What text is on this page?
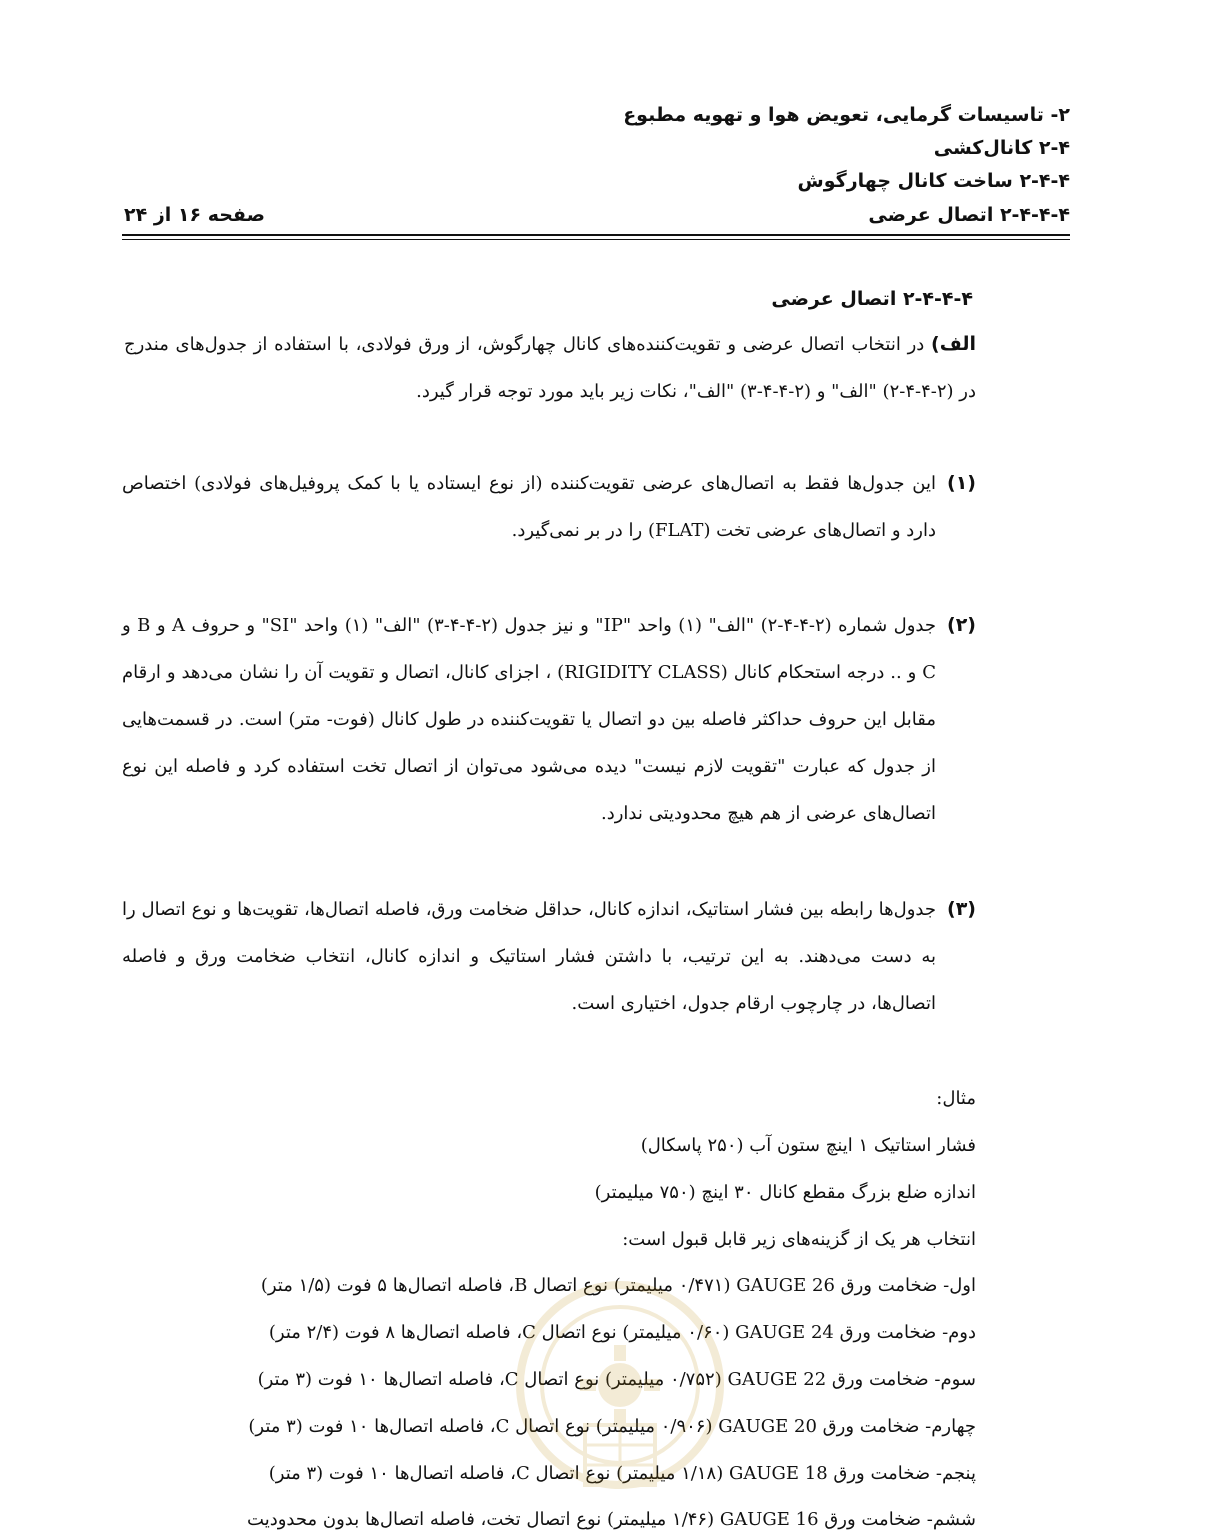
۲- تاسیسات گرمایی، تعویض هوا و تهویه مطبوع
۲-۴ کانال‌کشی
۲-۴-۴ ساخت کانال چهارگوش
۲-۴-۴-۴ اتصال عرضی
صفحه ۱۶ از ۲۴
۲-۴-۴-۴ اتصال عرضی
الف) در انتخاب اتصال عرضی و تقویت‌کننده‌های کانال چهارگوش، از ورق فولادی، با استفاده از جدول‌های مندرج در (۲-۴-۴-۲) "الف" و (۲-۴-۴-۳) "الف"، نکات زیر باید مورد توجه قرار گیرد.
(۱)
این جدول‌ها فقط به اتصال‌های عرضی تقویت‌کننده (از نوع ایستاده یا با کمک پروفیل‌های فولادی) اختصاص دارد و اتصال‌های عرضی تخت (FLAT) را در بر نمی‌گیرد.
(۲)
جدول شماره (۲-۴-۴-۲) "الف" (۱) واحد "IP" و نیز جدول (۲-۴-۴-۳) "الف" (۱) واحد "SI" و حروف A و B و C و .. درجه استحکام کانال (RIGIDITY CLASS) ، اجزای کانال، اتصال و تقویت آن را نشان می‌دهد و ارقام مقابل این حروف حداکثر فاصله بین دو اتصال یا تقویت‌کننده در طول کانال (فوت- متر) است. در قسمت‌هایی از جدول که عبارت "تقویت لازم نیست" دیده می‌شود می‌توان از اتصال تخت استفاده کرد و فاصله این نوع اتصال‌های عرضی از هم هیچ محدودیتی ندارد.
(۳)
جدول‌ها رابطه بین فشار استاتیک، اندازه کانال، حداقل ضخامت ورق، فاصله اتصال‌ها، تقویت‌ها و نوع اتصال را به دست می‌دهند. به این ترتیب، با داشتن فشار استاتیک و اندازه کانال، انتخاب ضخامت ورق و فاصله اتصال‌ها، در چارچوب ارقام جدول، اختیاری است.
مثال:
فشار استاتیک ۱ اینچ ستون آب (۲۵۰ پاسکال)
اندازه ضلع بزرگ مقطع کانال ۳۰ اینچ (۷۵۰ میلیمتر)
انتخاب هر یک از گزینه‌های زیر قابل قبول است:
اول- ضخامت ورق 26 GAUGE (۰/۴۷۱ میلیمتر) نوع اتصال B، فاصله اتصال‌ها ۵ فوت (۱/۵ متر)
دوم- ضخامت ورق 24 GAUGE (۰/۶۰ میلیمتر) نوع اتصال C، فاصله اتصال‌ها ۸ فوت (۲/۴ متر)
سوم- ضخامت ورق 22 GAUGE (۰/۷۵۲ میلیمتر) نوع اتصال C، فاصله اتصال‌ها ۱۰ فوت (۳ متر)
چهارم- ضخامت ورق 20 GAUGE (۰/۹۰۶ میلیمتر) نوع اتصال C، فاصله اتصال‌ها ۱۰ فوت (۳ متر)
پنجم- ضخامت ورق 18 GAUGE (۱/۱۸ میلیمتر) نوع اتصال C، فاصله اتصال‌ها ۱۰ فوت (۳ متر)
ششم- ضخامت ورق 16 GAUGE (۱/۴۶ میلیمتر) نوع اتصال تخت، فاصله اتصال‌ها بدون محدودیت
